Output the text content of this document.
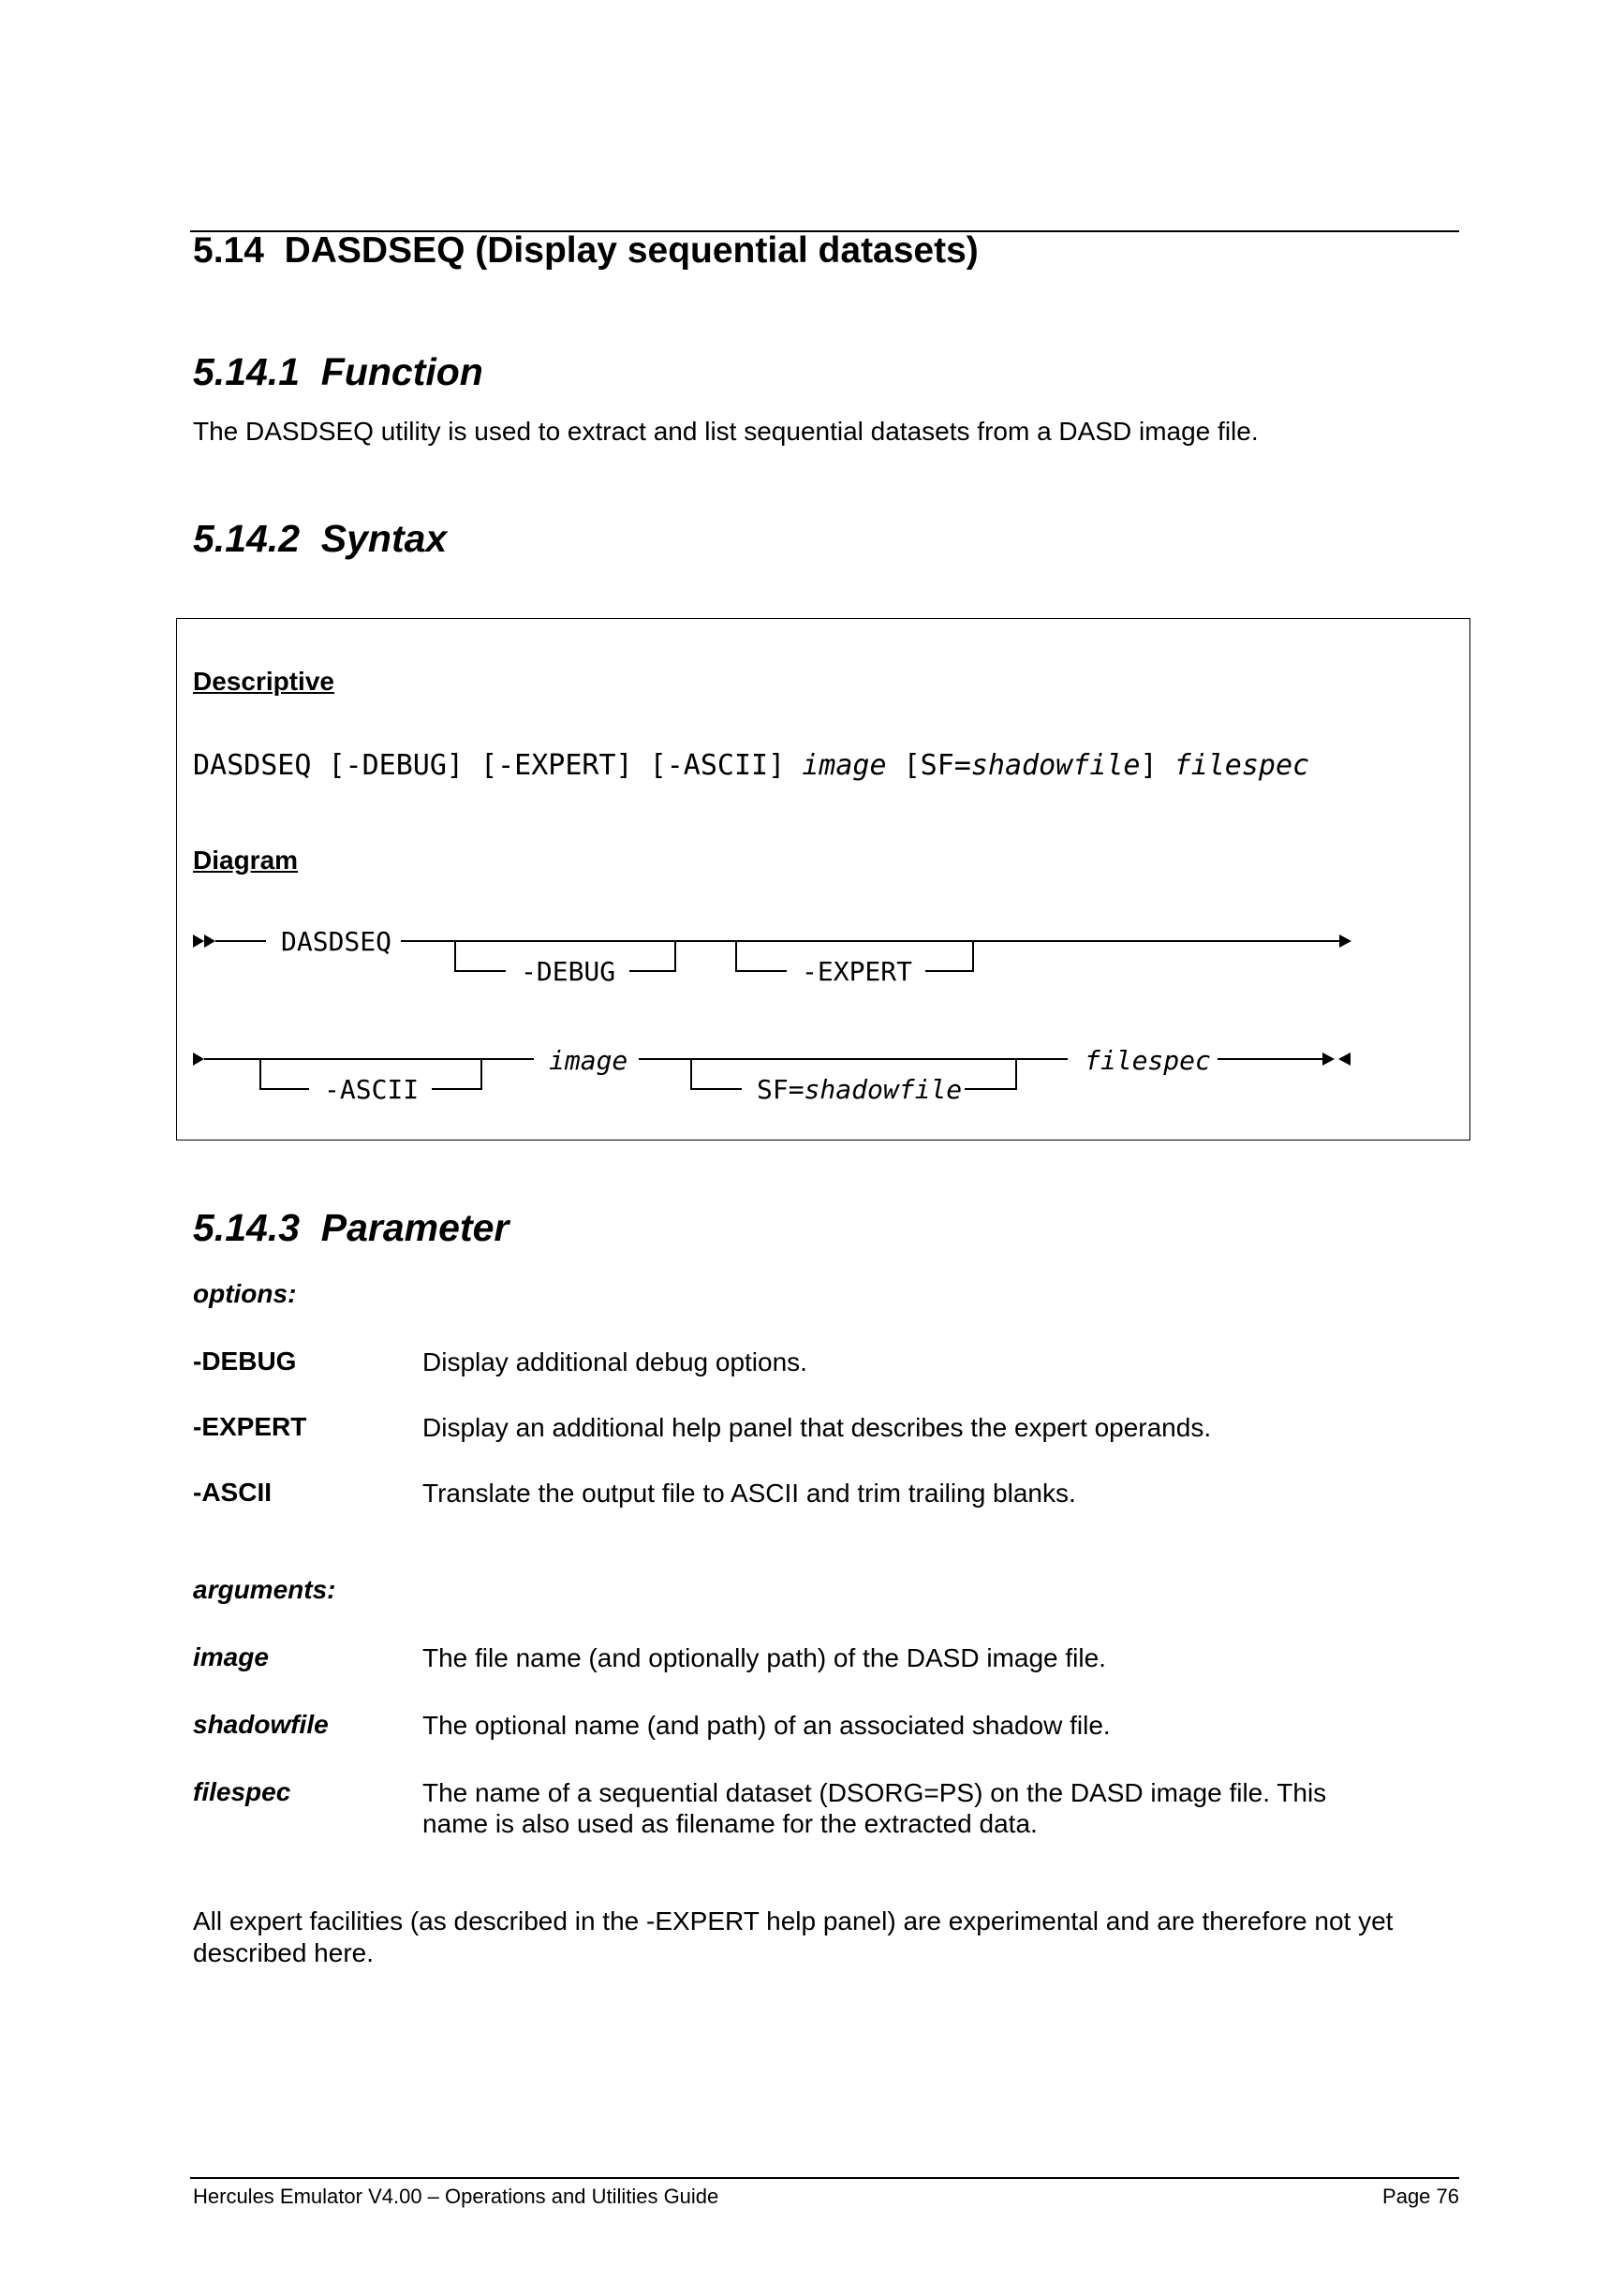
5.14  DASDSEQ (Display sequential datasets)
5.14.1  Function
The DASDSEQ utility is used to extract and list sequential datasets from a DASD image file.
5.14.2  Syntax
Descriptive
DASDSEQ [-DEBUG] [-EXPERT] [-ASCII] image [SF=shadowfile] filespec
Diagram
DASDSEQ
-DEBUG	-EXPERT
-ASCII
image
SF=shadowfile
filespec
5.14.3  Parameter
options:
-DEBUG	Display additional debug options.
-EXPERT	Display an additional help panel that describes the expert operands.
-ASCII	Translate the output file to ASCII and trim trailing blanks.
arguments:
image	The file name (and optionally path) of the DASD image file.
shadowfile	The optional name (and path) of an associated shadow file.
filespec	The name of a sequential dataset (DSORG=PS) on the DASD image file. This
name is also used as filename for the extracted data.
All expert facilities (as described in the -EXPERT help panel) are experimental and are therefore not yet
described here.
Hercules Emulator V4.00 – Operations and Utilities Guide	Page 76
